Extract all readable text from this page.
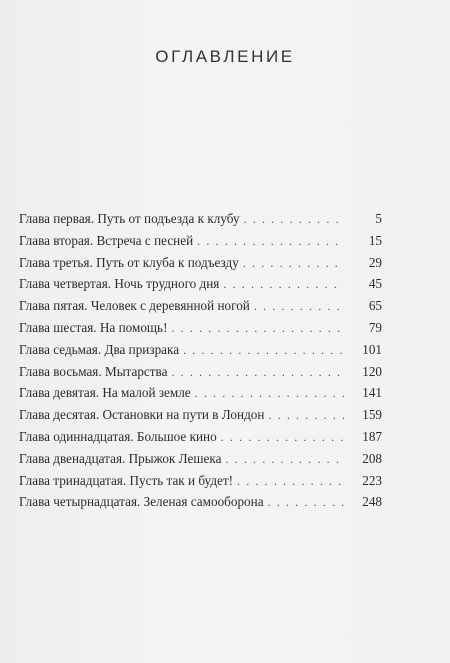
ОГЛАВЛЕНИЕ
Глава первая. Путь от подъезда к клубу . . .	5
Глава вторая. Встреча с песней . . .	15
Глава третья. Путь от клуба к подъезду . . .	29
Глава четвертая. Ночь трудного дня . . .	45
Глава пятая. Человек с деревянной ногой . . .	65
Глава шестая. На помощь! . . .	79
Глава седьмая. Два призрака . . .	101
Глава восьмая. Мытарства . . .	120
Глава девятая. На малой земле . . .	141
Глава десятая. Остановки на пути в Лондон . . .	159
Глава одиннадцатая. Большое кино . . .	187
Глава двенадцатая. Прыжок Лешека . . .	208
Глава тринадцатая. Пусть так и будет! . . .	223
Глава четырнадцатая. Зеленая самооборона . . .	248
